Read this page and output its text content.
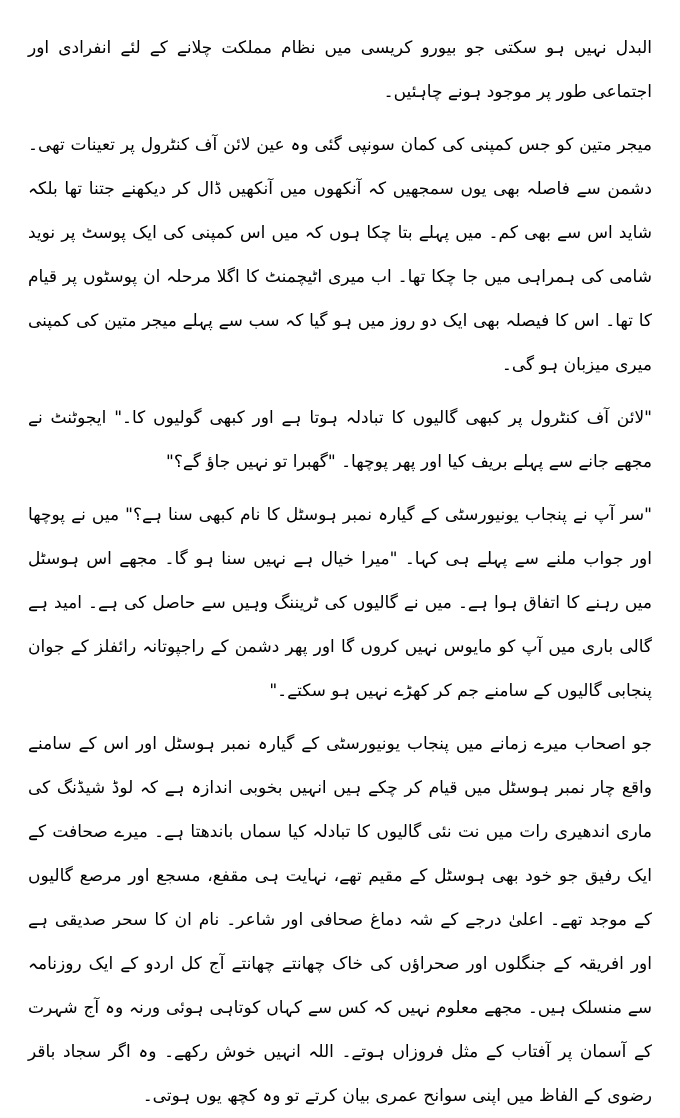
البدل نہیں ہو سکتی جو بیورو کریسی میں نظام مملکت چلانے کے لئے انفرادی اور اجتماعی طور پر موجود ہونے چاہئیں۔

میجر متین کو جس کمپنی کی کمان سونپی گئی وہ عین لائن آف کنٹرول پر تعینات تھی۔ دشمن سے فاصلہ بھی یوں سمجھیں کہ آنکھوں میں آنکھیں ڈال کر دیکھنے جتنا تھا بلکہ شاید اس سے بھی کم۔ میں پہلے بتا چکا ہوں کہ میں اس کمپنی کی ایک پوسٹ پر نوید شامی کی ہمراہی میں جا چکا تھا۔ اب میری اٹیچمنٹ کا اگلا مرحلہ ان پوسٹوں پر قیام کا تھا۔ اس کا فیصلہ بھی ایک دو روز میں ہو گیا کہ سب سے پہلے میجر متین کی کمپنی میری میزبان ہو گی۔

"لائن آف کنٹرول پر کبھی گالیوں کا تبادلہ ہوتا ہے اور کبھی گولیوں کا۔" ایجوٹنٹ نے مجھے جانے سے پہلے بریف کیا اور پھر پوچھا۔ "گھبرا تو نہیں جاؤ گے؟"

"سر آپ نے پنجاب یونیورسٹی کے گیارہ نمبر ہوسٹل کا نام کبھی سنا ہے؟" میں نے پوچھا اور جواب ملنے سے پہلے ہی کہا۔ "میرا خیال ہے نہیں سنا ہو گا۔ مجھے اس ہوسٹل میں رہنے کا اتفاق ہوا ہے۔ میں نے گالیوں کی ٹریننگ وہیں سے حاصل کی ہے۔ امید ہے گالی باری میں آپ کو مایوس نہیں کروں گا اور پھر دشمن کے راجپوتانہ رائفلز کے جوان پنجابی گالیوں کے سامنے جم کر کھڑے نہیں ہو سکتے۔"

جو اصحاب میرے زمانے میں پنجاب یونیورسٹی کے گیارہ نمبر ہوسٹل اور اس کے سامنے واقع چار نمبر ہوسٹل میں قیام کر چکے ہیں انہیں بخوبی اندازہ ہے کہ لوڈ شیڈنگ کی ماری اندھیری رات میں نت نئی گالیوں کا تبادلہ کیا سماں باندھتا ہے۔ میرے صحافت کے ایک رفیق جو خود بھی ہوسٹل کے مقیم تھے، نہایت ہی مقفع، مسجع اور مرصع گالیوں کے موجد تھے۔ اعلیٰ درجے کے شہ دماغ صحافی اور شاعر۔ نام ان کا سحر صدیقی ہے اور افریقہ کے جنگلوں اور صحراؤں کی خاک چھانتے چھانتے آج کل اردو کے ایک روزنامہ سے منسلک ہیں۔ مجھے معلوم نہیں کہ کس سے کہاں کوتاہی ہوئی ورنہ وہ آج شہرت کے آسمان پر آفتاب کے مثل فروزاں ہوتے۔ اللہ انہیں خوش رکھے۔ وہ اگر سجاد باقر رضوی کے الفاظ میں اپنی سوانح عمری بیان کرتے تو وہ کچھ یوں ہوتی۔
